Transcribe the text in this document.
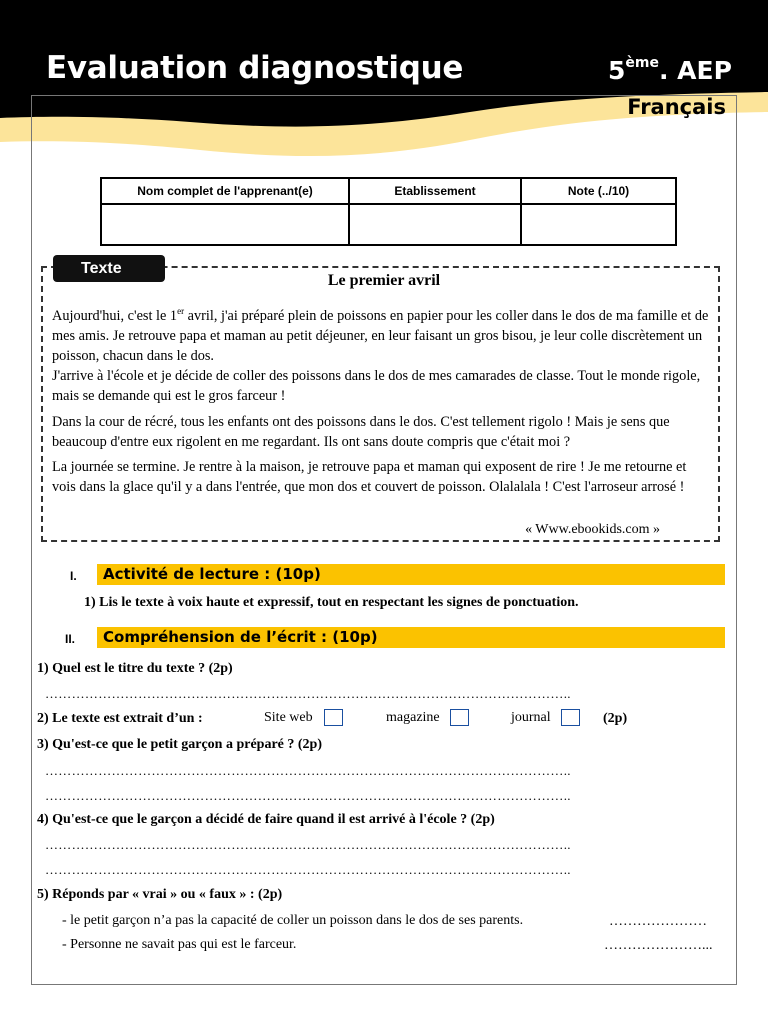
Evaluation diagnostique	5ème. AEP
Français
Nom complet de l'apprenant(e)	Etablissement	Note (../10)

Texte
Le premier avril
Aujourd'hui, c'est le 1er avril, j'ai préparé plein de poissons en papier pour les coller dans le dos de ma famille et de mes amis. Je retrouve papa et maman au petit déjeuner, en leur faisant un gros bisou, je leur colle discrètement un poisson, chacun dans le dos.
J'arrive à l'école et je décide de coller des poissons dans le dos de mes camarades de classe. Tout le monde rigole, mais se demande qui est le gros farceur !
Dans la cour de récré, tous les enfants ont des poissons dans le dos. C'est tellement rigolo ! Mais je sens que beaucoup d'entre eux rigolent en me regardant. Ils ont sans doute compris que c'était moi ?
La journée se termine. Je rentre à la maison, je retrouve papa et maman qui exposent de rire ! Je me retourne et vois dans la glace qu'il y a dans l'entrée, que mon dos et couvert de poisson. Olalalala ! C'est l'arroseur arrosé !
« Www.ebookids.com »
I. Activité de lecture : (10p)
1) Lis le texte à voix haute et expressif, tout en respectant les signes de ponctuation.
II. Compréhension de l’écrit : (10p)
1) Quel est le titre du texte ? (2p)
………………………………………………………………………………………………………..
2) Le texte est extrait d’un :	Site web	magazine	journal	(2p)
3) Qu'est-ce que le petit garçon a préparé ? (2p)
………………………………………………………………………………………………………..
………………………………………………………………………………………………………..
4) Qu'est-ce que le garçon a décidé de faire quand il est arrivé à l'école ? (2p)
………………………………………………………………………………………………………..
………………………………………………………………………………………………………..
5) Réponds par « vrai » ou « faux » : (2p)
- le petit garçon n’a pas la capacité de coller un poisson dans le dos de ses parents.	…………………
- Personne ne savait pas qui est le farceur.	…………………...
